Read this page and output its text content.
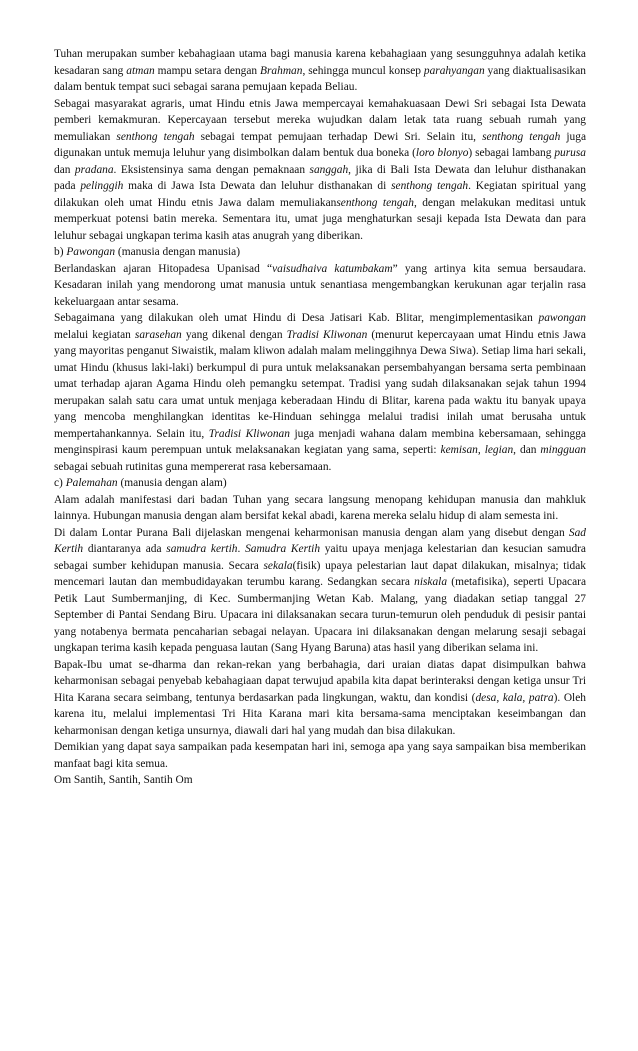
Tuhan merupakan sumber kebahagiaan utama bagi manusia karena kebahagiaan yang sesungguhnya adalah ketika kesadaran sang atman mampu setara dengan Brahman, sehingga muncul konsep parahyangan yang diaktualisasikan dalam bentuk tempat suci sebagai sarana pemujaan kepada Beliau.

Sebagai masyarakat agraris, umat Hindu etnis Jawa mempercayai kemahakuasaan Dewi Sri sebagai Ista Dewata pemberi kemakmuran. Kepercayaan tersebut mereka wujudkan dalam letak tata ruang sebuah rumah yang memuliakan senthong tengah sebagai tempat pemujaan terhadap Dewi Sri. Selain itu, senthong tengah juga digunakan untuk memuja leluhur yang disimbolkan dalam bentuk dua boneka (loro blonyo) sebagai lambang purusa dan pradana. Eksistensinya sama dengan pemaknaan sanggah, jika di Bali Ista Dewata dan leluhur disthanakan pada pelinggih maka di Jawa Ista Dewata dan leluhur disthanakan di senthong tengah. Kegiatan spiritual yang dilakukan oleh umat Hindu etnis Jawa dalam memuliakansenthong tengah, dengan melakukan meditasi untuk memperkuat potensi batin mereka. Sementara itu, umat juga menghaturkan sesaji kepada Ista Dewata dan para leluhur sebagai ungkapan terima kasih atas anugrah yang diberikan.

b) Pawongan (manusia dengan manusia)

Berlandaskan ajaran Hitopadesa Upanisad “vaisudhaiva katumbakam” yang artinya kita semua bersaudara. Kesadaran inilah yang mendorong umat manusia untuk senantiasa mengembangkan kerukunan agar terjalin rasa kekeluargaan antar sesama.

Sebagaimana yang dilakukan oleh umat Hindu di Desa Jatisari Kab. Blitar, mengimplementasikan pawongan melalui kegiatan sarasehan yang dikenal dengan Tradisi Kliwonan (menurut kepercayaan umat Hindu etnis Jawa yang mayoritas penganut Siwaistik, malam kliwon adalah malam melinggihnya Dewa Siwa). Setiap lima hari sekali, umat Hindu (khusus laki-laki) berkumpul di pura untuk melaksanakan persembahyangan bersama serta pembinaan umat terhadap ajaran Agama Hindu oleh pemangku setempat. Tradisi yang sudah dilaksanakan sejak tahun 1994 merupakan salah satu cara umat untuk menjaga keberadaan Hindu di Blitar, karena pada waktu itu banyak upaya yang mencoba menghilangkan identitas ke-Hinduan sehingga melalui tradisi inilah umat berusaha untuk mempertahankannya. Selain itu, Tradisi Kliwonan juga menjadi wahana dalam membina kebersamaan, sehingga menginspirasi kaum perempuan untuk melaksanakan kegiatan yang sama, seperti: kemisan, legian, dan mingguan sebagai sebuah rutinitas guna mempererat rasa kebersamaan.

c) Palemahan (manusia dengan alam)

Alam adalah manifestasi dari badan Tuhan yang secara langsung menopang kehidupan manusia dan mahkluk lainnya. Hubungan manusia dengan alam bersifat kekal abadi, karena mereka selalu hidup di alam semesta ini.

Di dalam Lontar Purana Bali dijelaskan mengenai keharmonisan manusia dengan alam yang disebut dengan Sad Kertih diantaranya ada samudra kertih. Samudra Kertih yaitu upaya menjaga kelestarian dan kesucian samudra sebagai sumber kehidupan manusia. Secara sekala(fisik) upaya pelestarian laut dapat dilakukan, misalnya; tidak mencemari lautan dan membudidayakan terumbu karang. Sedangkan secara niskala (metafisika), seperti Upacara Petik Laut Sumbermanjing, di Kec. Sumbermanjing Wetan Kab. Malang, yang diadakan setiap tanggal 27 September di Pantai Sendang Biru. Upacara ini dilaksanakan secara turun-temurun oleh penduduk di pesisir pantai yang notabenya bermata pencaharian sebagai nelayan. Upacara ini dilaksanakan dengan melarung sesaji sebagai ungkapan terima kasih kepada penguasa lautan (Sang Hyang Baruna) atas hasil yang diberikan selama ini.

Bapak-Ibu umat se-dharma dan rekan-rekan yang berbahagia, dari uraian diatas dapat disimpulkan bahwa keharmonisan sebagai penyebab kebahagiaan dapat terwujud apabila kita dapat berinteraksi dengan ketiga unsur Tri Hita Karana secara seimbang, tentunya berdasarkan pada lingkungan, waktu, dan kondisi (desa, kala, patra). Oleh karena itu, melalui implementasi Tri Hita Karana mari kita bersama-sama menciptakan keseimbangan dan keharmonisan dengan ketiga unsurnya, diawali dari hal yang mudah dan bisa dilakukan.

Demikian yang dapat saya sampaikan pada kesempatan hari ini, semoga apa yang saya sampaikan bisa memberikan manfaat bagi kita semua.

Om Santih, Santih, Santih Om
